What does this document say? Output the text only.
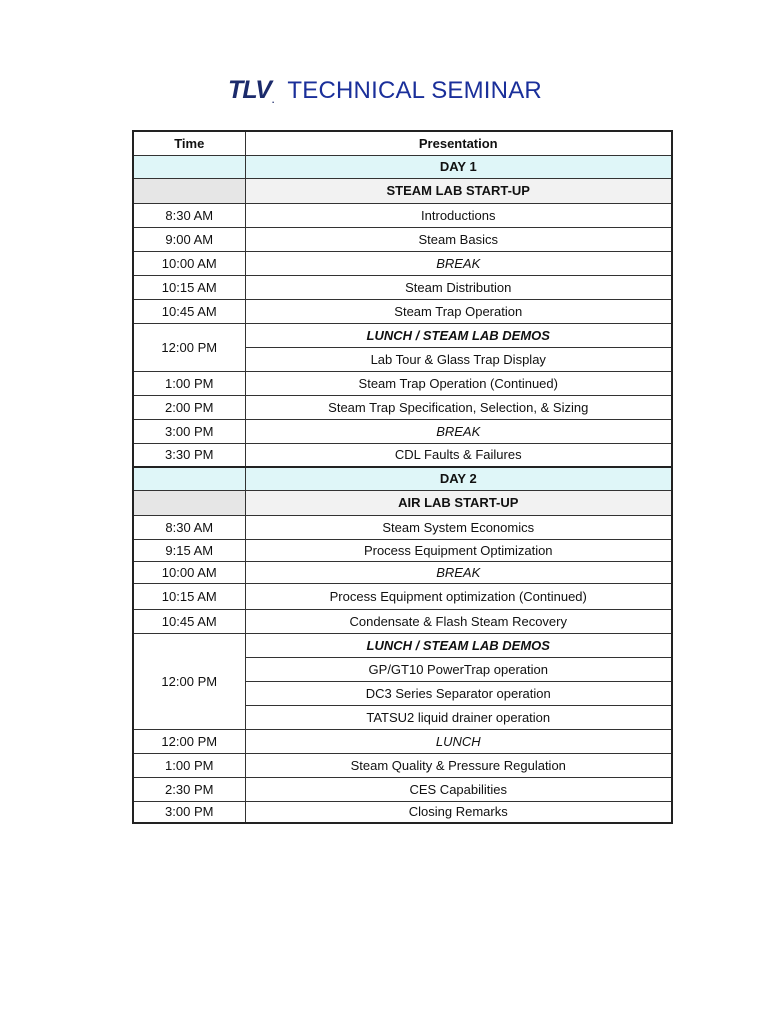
TLV. TECHNICAL SEMINAR
Time	Presentation
	DAY 1
	STEAM LAB START-UP
8:30 AM	Introductions
9:00 AM	Steam Basics
10:00 AM	BREAK
10:15 AM	Steam Distribution
10:45 AM	Steam Trap Operation
12:00 PM	LUNCH / STEAM LAB DEMOS
	Lab Tour & Glass Trap Display
1:00 PM	Steam Trap Operation (Continued)
2:00 PM	Steam Trap Specification, Selection, & Sizing
3:00 PM	BREAK
3:30 PM	CDL Faults & Failures
	DAY 2
	AIR LAB START-UP
8:30 AM	Steam System Economics
9:15 AM	Process Equipment Optimization
10:00 AM	BREAK
10:15 AM	Process Equipment optimization (Continued)
10:45 AM	Condensate & Flash Steam Recovery
12:00 PM	LUNCH / STEAM LAB DEMOS
	GP/GT10 PowerTrap operation
	DC3 Series Separator operation
	TATSU2 liquid drainer operation
12:00 PM	LUNCH
1:00 PM	Steam Quality & Pressure Regulation
2:30 PM	CES Capabilities
3:00 PM	Closing Remarks
